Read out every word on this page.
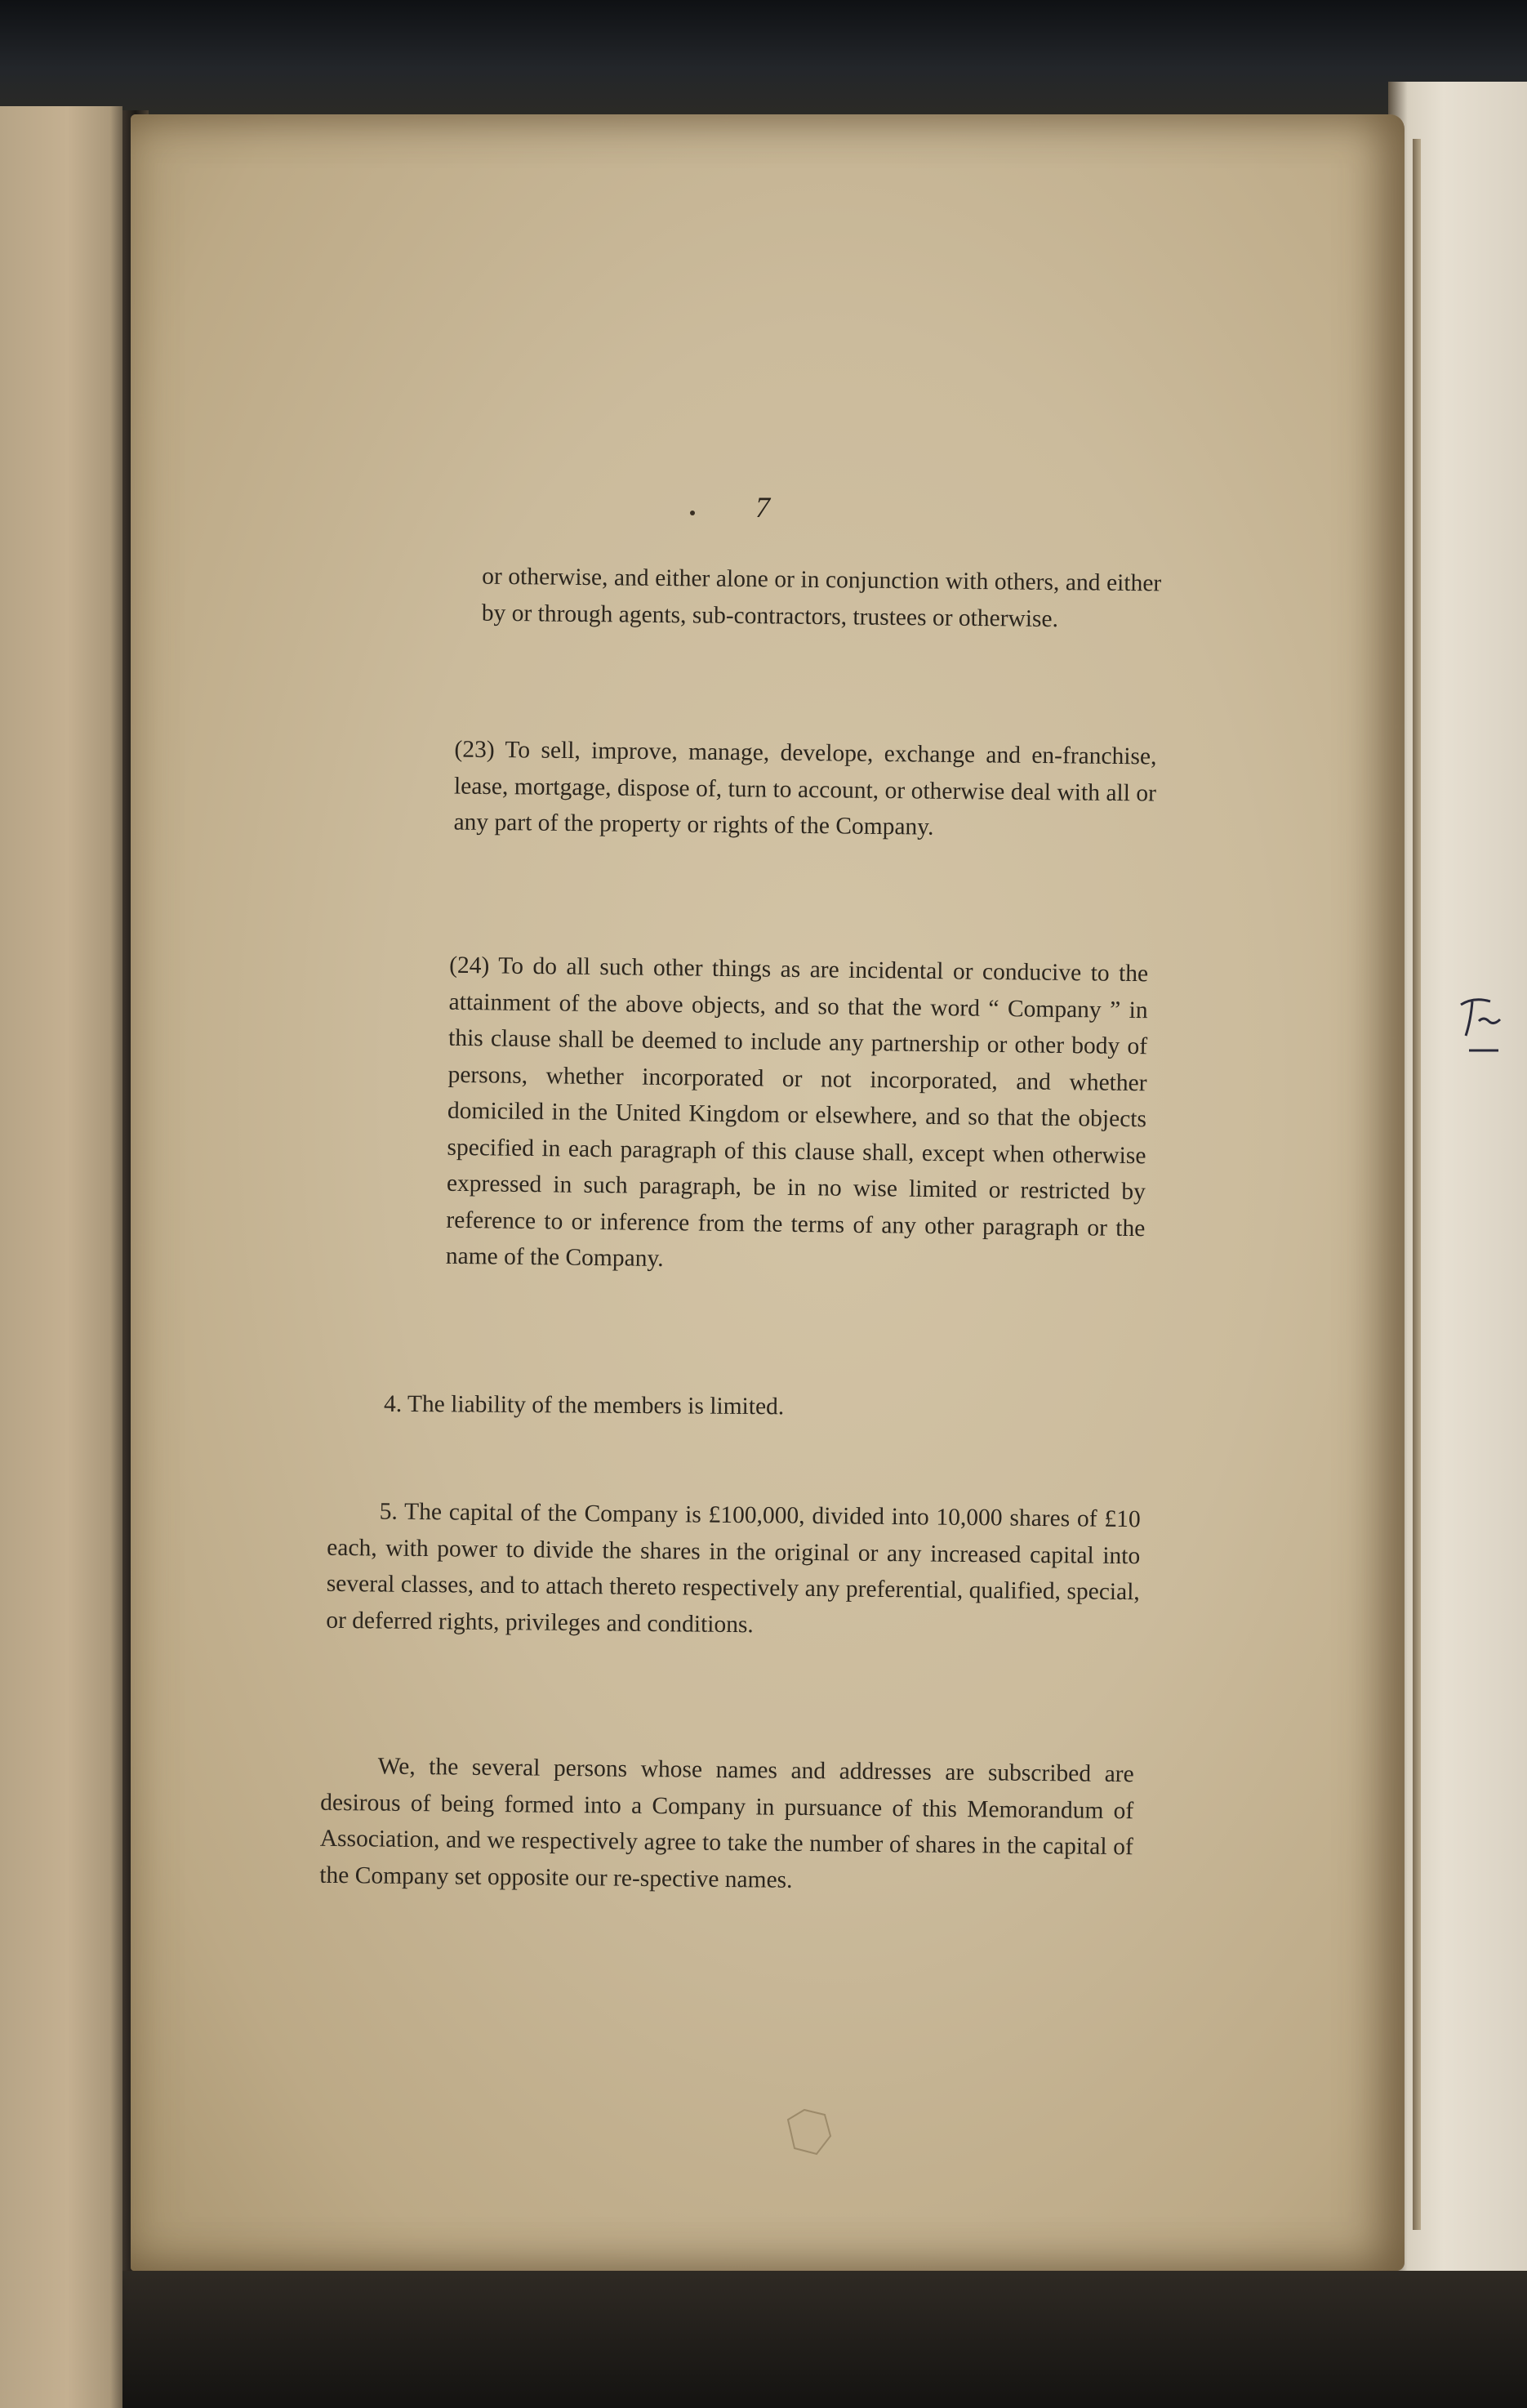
7

or otherwise, and either alone or in conjunction with others, and either by or through agents, sub-contractors, trustees or otherwise.

(23) To sell, improve, manage, develope, exchange and en-franchise, lease, mortgage, dispose of, turn to account, or otherwise deal with all or any part of the property or rights of the Company.

(24) To do all such other things as are incidental or conducive to the attainment of the above objects, and so that the word “ Company ” in this clause shall be deemed to include any partnership or other body of persons, whether incorporated or not incorporated, and whether domiciled in the United Kingdom or elsewhere, and so that the objects specified in each paragraph of this clause shall, except when otherwise expressed in such paragraph, be in no wise limited or restricted by reference to or inference from the terms of any other paragraph or the name of the Company.

4. The liability of the members is limited.

5. The capital of the Company is £100,000, divided into 10,000 shares of £10 each, with power to divide the shares in the original or any increased capital into several classes, and to attach thereto respectively any preferential, qualified, special, or deferred rights, privileges and conditions.

We, the several persons whose names and addresses are subscribed are desirous of being formed into a Company in pursuance of this Memorandum of Association, and we respectively agree to take the number of shares in the capital of the Company set opposite our re-spective names.
